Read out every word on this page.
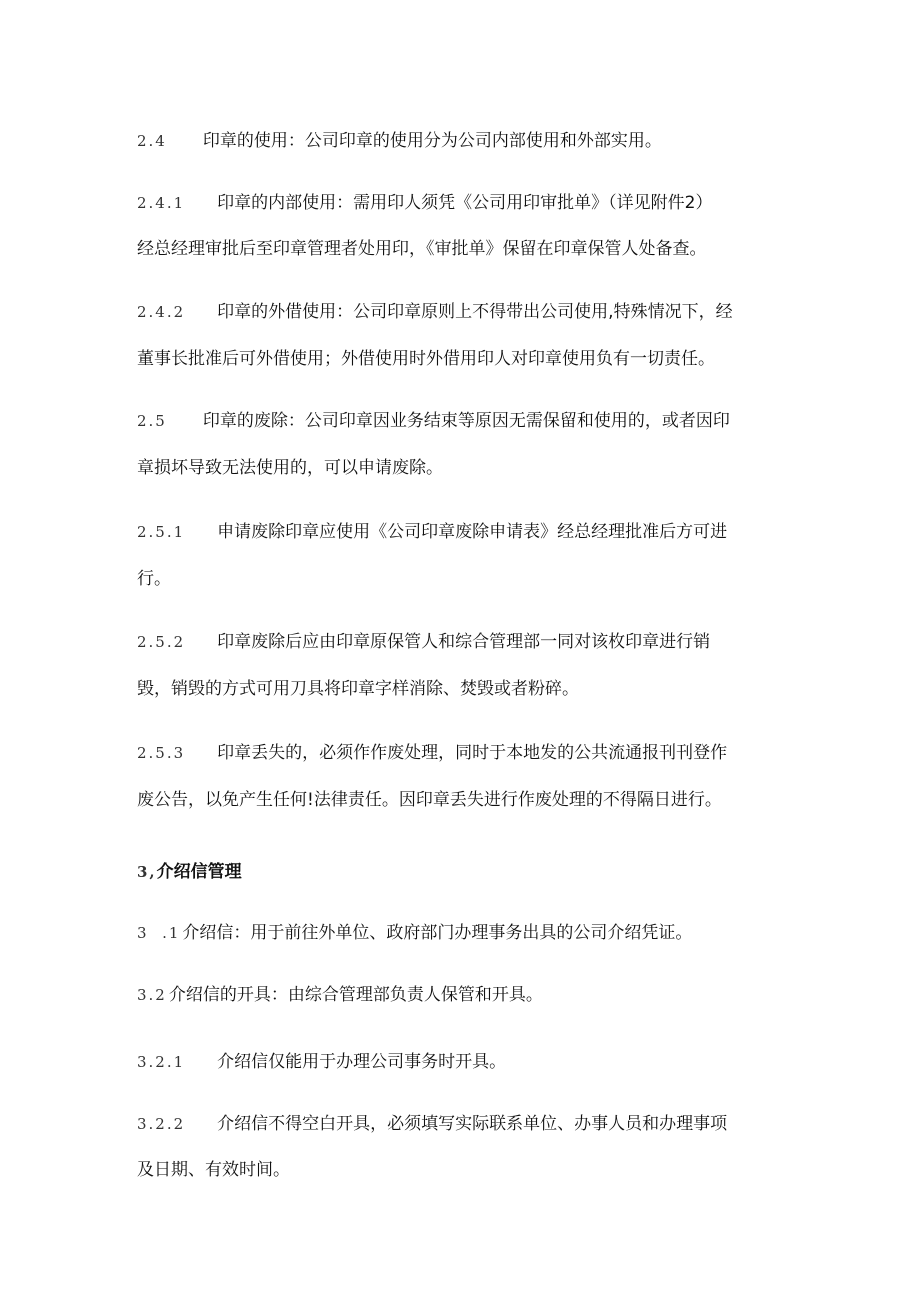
2.4 印章的使用：公司印章的使用分为公司内部使用和外部实用。
2.4.1 印章的内部使用：需用印人须凭《公司用印审批单》（详见附件2）
经总经理审批后至印章管理者处用印，《审批单》保留在印章保管人处备查。
2.4.2 印章的外借使用：公司印章原则上不得带出公司使用,特殊情况下，经
董事长批准后可外借使用；外借使用时外借用印人对印章使用负有一切责任。
2.5 印章的废除：公司印章因业务结束等原因无需保留和使用的，或者因印
章损坏导致无法使用的，可以申请废除。
2.5.1 申请废除印章应使用《公司印章废除申请表》经总经理批准后方可进
行。
2.5.2 印章废除后应由印章原保管人和综合管理部一同对该枚印章进行销
毁，销毁的方式可用刀具将印章字样消除、焚毁或者粉碎。
2.5.3 印章丢失的，必须作作废处理，同时于本地发的公共流通报刊刊登作
废公告，以免产生任何!法律责任。因印章丢失进行作废处理的不得隔日进行。
3,介绍信管理
3  .1 介绍信：用于前往外单位、政府部门办理事务出具的公司介绍凭证。
3.2 介绍信的开具：由综合管理部负责人保管和开具。
3.2.1 介绍信仅能用于办理公司事务时开具。
3.2.2 介绍信不得空白开具，必须填写实际联系单位、办事人员和办理事项
及日期、有效时间。
